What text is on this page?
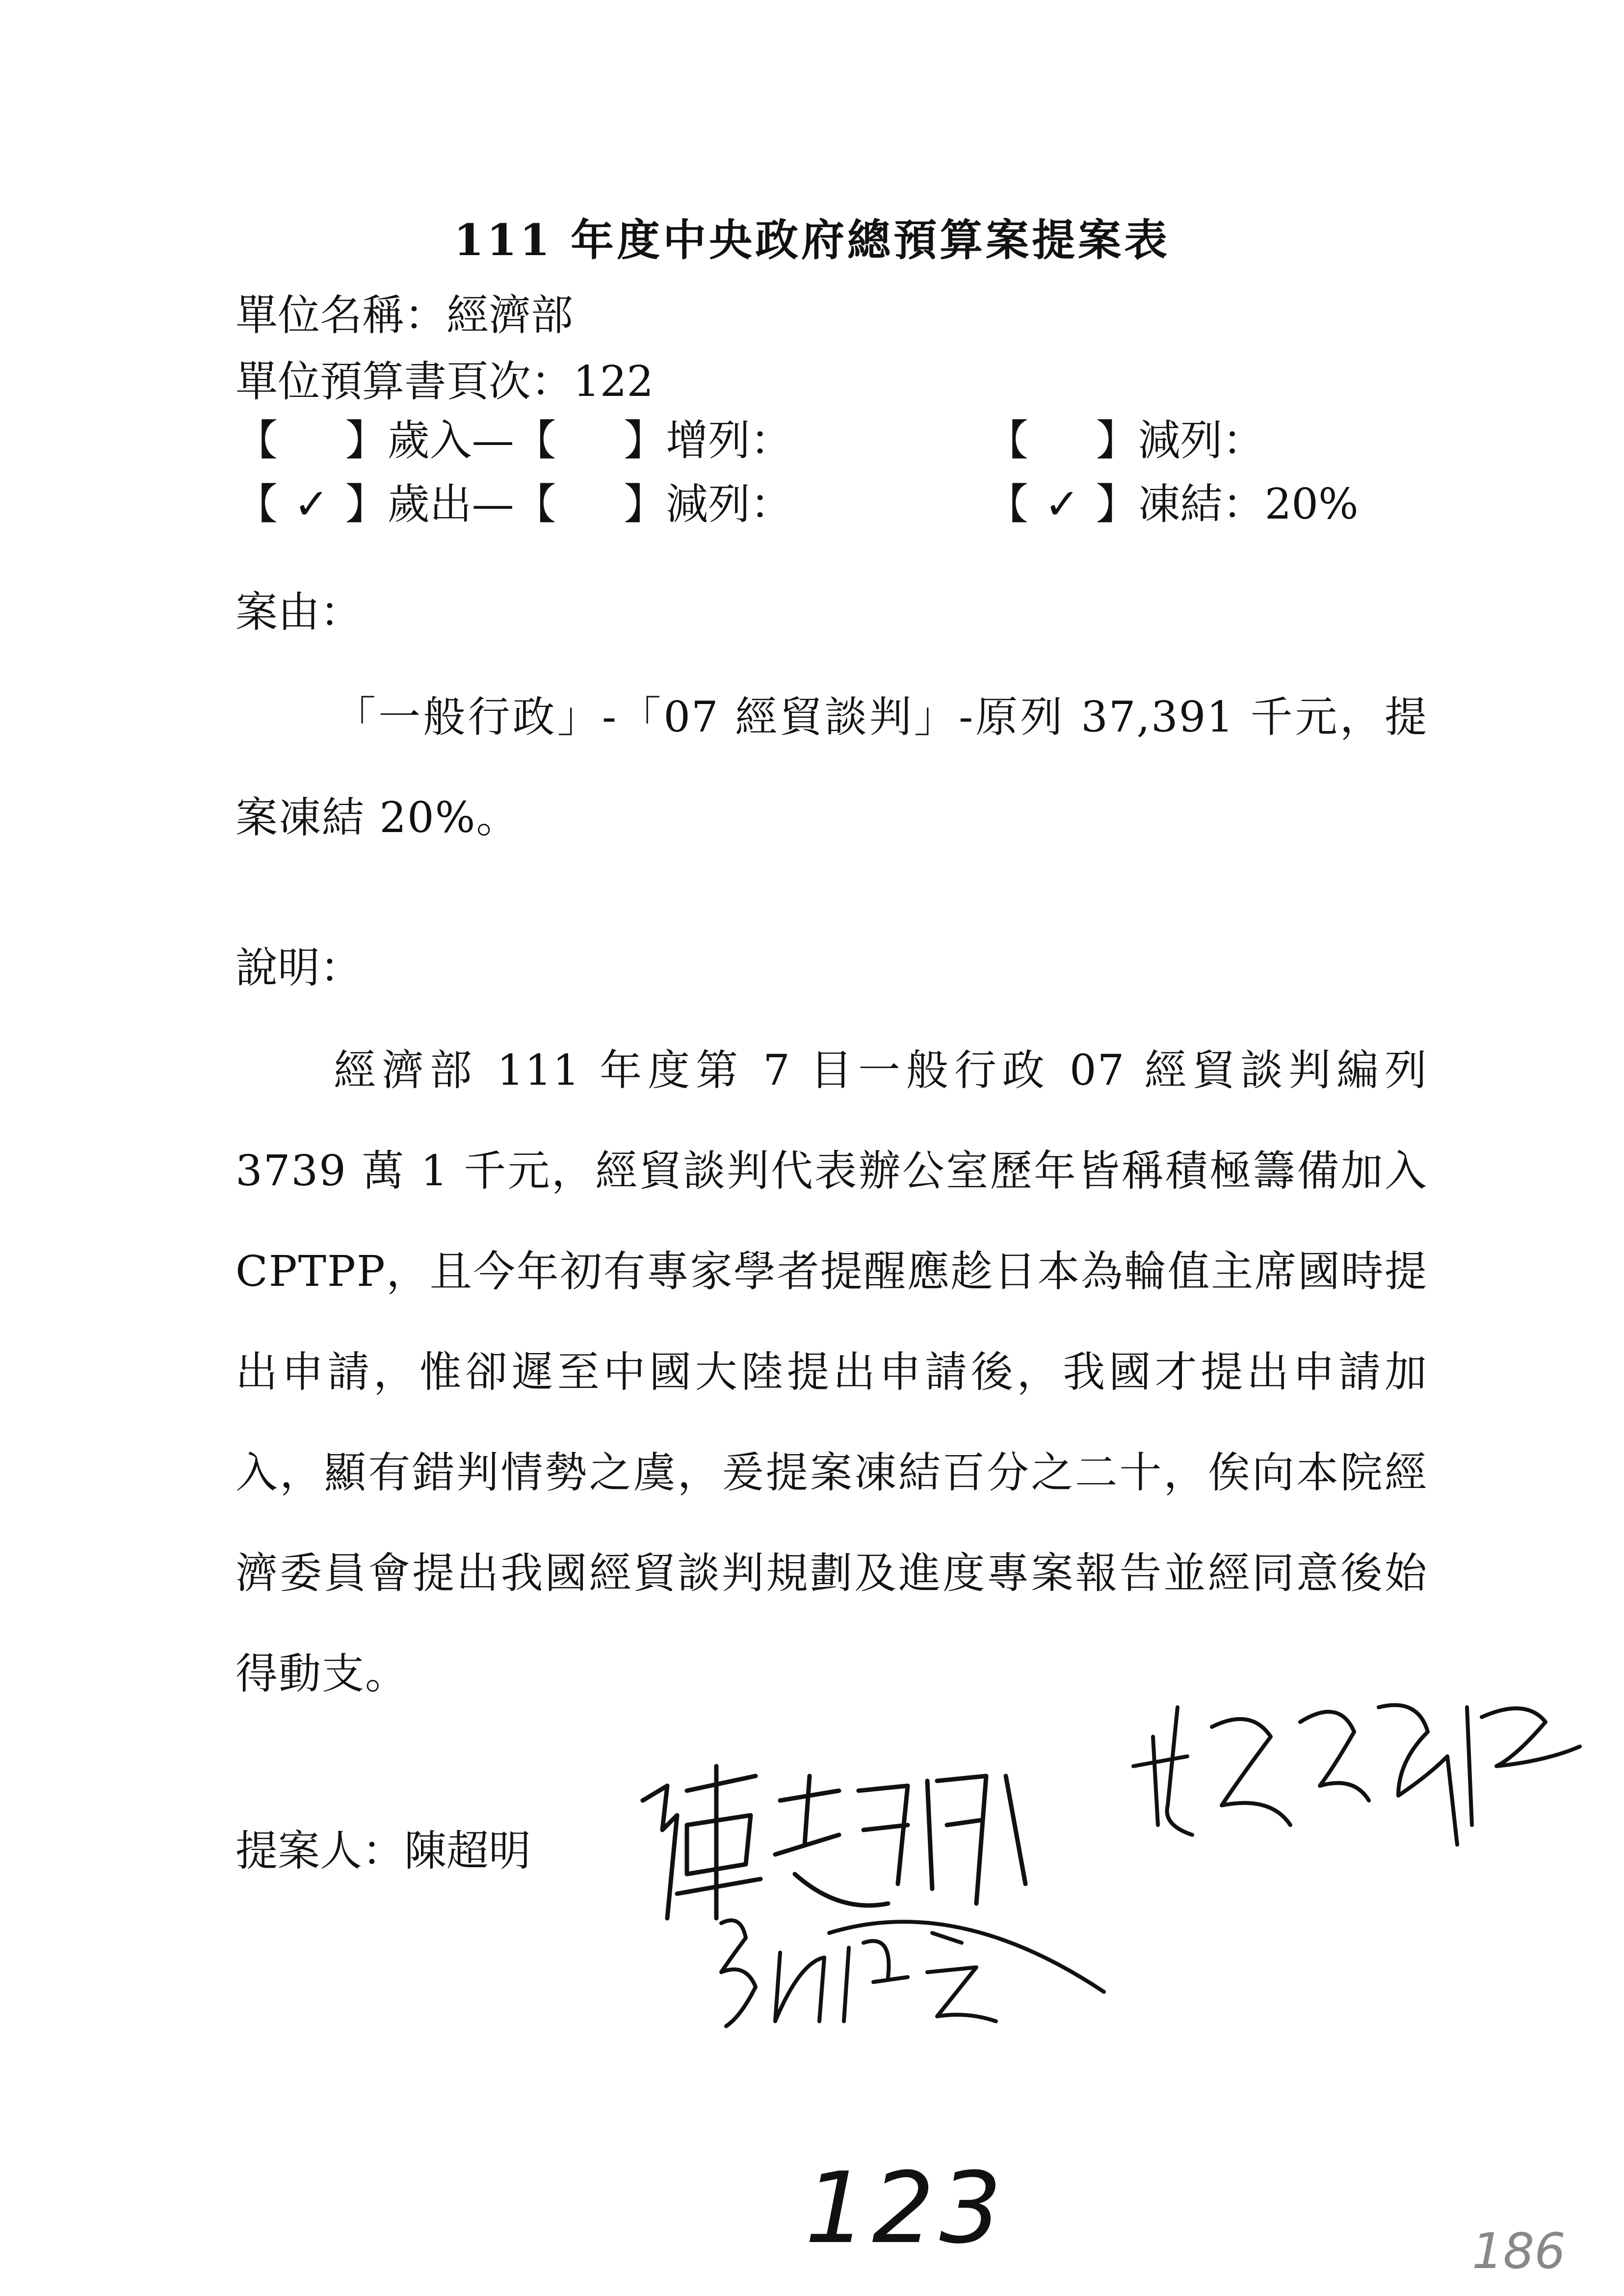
111 年度中央政府總預算案提案表
單位名稱：經濟部
單位預算書頁次：122
【 】歲入—【 】增列：	【 】減列：
【 ✓ 】歲出—【 】減列：	【 ✓ 】凍結：20%
案由：
「一般行政」-「07 經貿談判」-原列 37,391 千元，提案凍結 20%。
說明：
經濟部 111 年度第 7 目一般行政 07 經貿談判編列 3739 萬 1 千元，經貿談判代表辦公室歷年皆稱積極籌備加入 CPTPP，且今年初有專家學者提醒應趁日本為輪值主席國時提出申請，惟卻遲至中國大陸提出申請後，我國才提出申請加入，顯有錯判情勢之虞，爰提案凍結百分之二十，俟向本院經濟委員會提出我國經貿談判規劃及進度專案報告並經同意後始得動支。
提案人：陳超明
123	186
